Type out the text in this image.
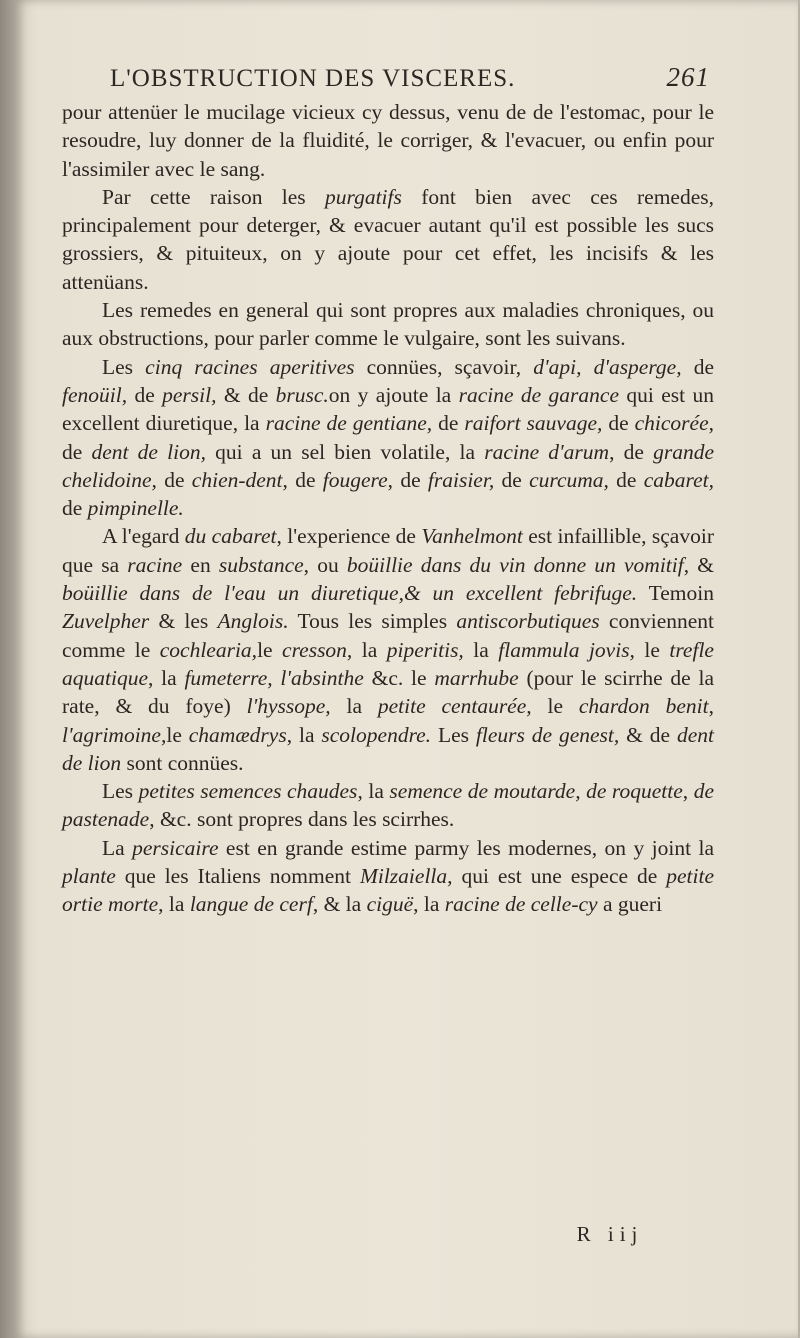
L'OBSTRUCTION DES VISCERES.	261

pour attenüer le mucilage vicieux cy dessus, venu de de l'estomac, pour le resoudre, luy donner de la fluidité, le corriger, & l'evacuer, ou enfin pour l'assimiler avec le sang.

Par cette raison les purgatifs font bien avec ces remedes, principalement pour deterger, & evacuer autant qu'il est possible les sucs grossiers, & pituiteux, on y ajoute pour cet effet, les incisifs & les attenüans.

Les remedes en general qui sont propres aux maladies chroniques, ou aux obstructions, pour parler comme le vulgaire, sont les suivans.

Les cinq racines aperitives connües, sçavoir, d'api, d'asperge, de fenoüil, de persil, & de brusc.on y ajoute la racine de garance qui est un excellent diuretique, la racine de gentiane, de raifort sauvage, de chicorée, de dent de lion, qui a un sel bien volatile, la racine d'arum, de grande chelidoine, de chien-dent, de fougere, de fraisier, de curcuma, de cabaret, de pimpinelle.

A l'egard du cabaret, l'experience de Vanhelmont est infaillible, sçavoir que sa racine en substance, ou boüillie dans du vin donne un vomitif, & boüillie dans de l'eau un diuretique,& un excellent febrifuge. Temoin Zuvelpher & les Anglois. Tous les simples antiscorbutiques conviennent comme le cochlearia,le cresson, la piperitis, la flammula jovis, le trefle aquatique, la fumeterre, l'absinthe &c. le marrhube (pour le scirrhe de la rate, & du foye) l'hyssope, la petite centaurée, le chardon benit, l'agrimoine,le chamædrys, la scolopendre. Les fleurs de genest, & de dent de lion sont connües.

Les petites semences chaudes, la semence de moutarde, de roquette, de pastenade, &c. sont propres dans les scirrhes.

La persicaire est en grande estime parmy les modernes, on y joint la plante que les Italiens nomment Milzaiella, qui est une espece de petite ortie morte, la langue de cerf, & la ciguë, la racine de celle-cy a gueri

R iij
